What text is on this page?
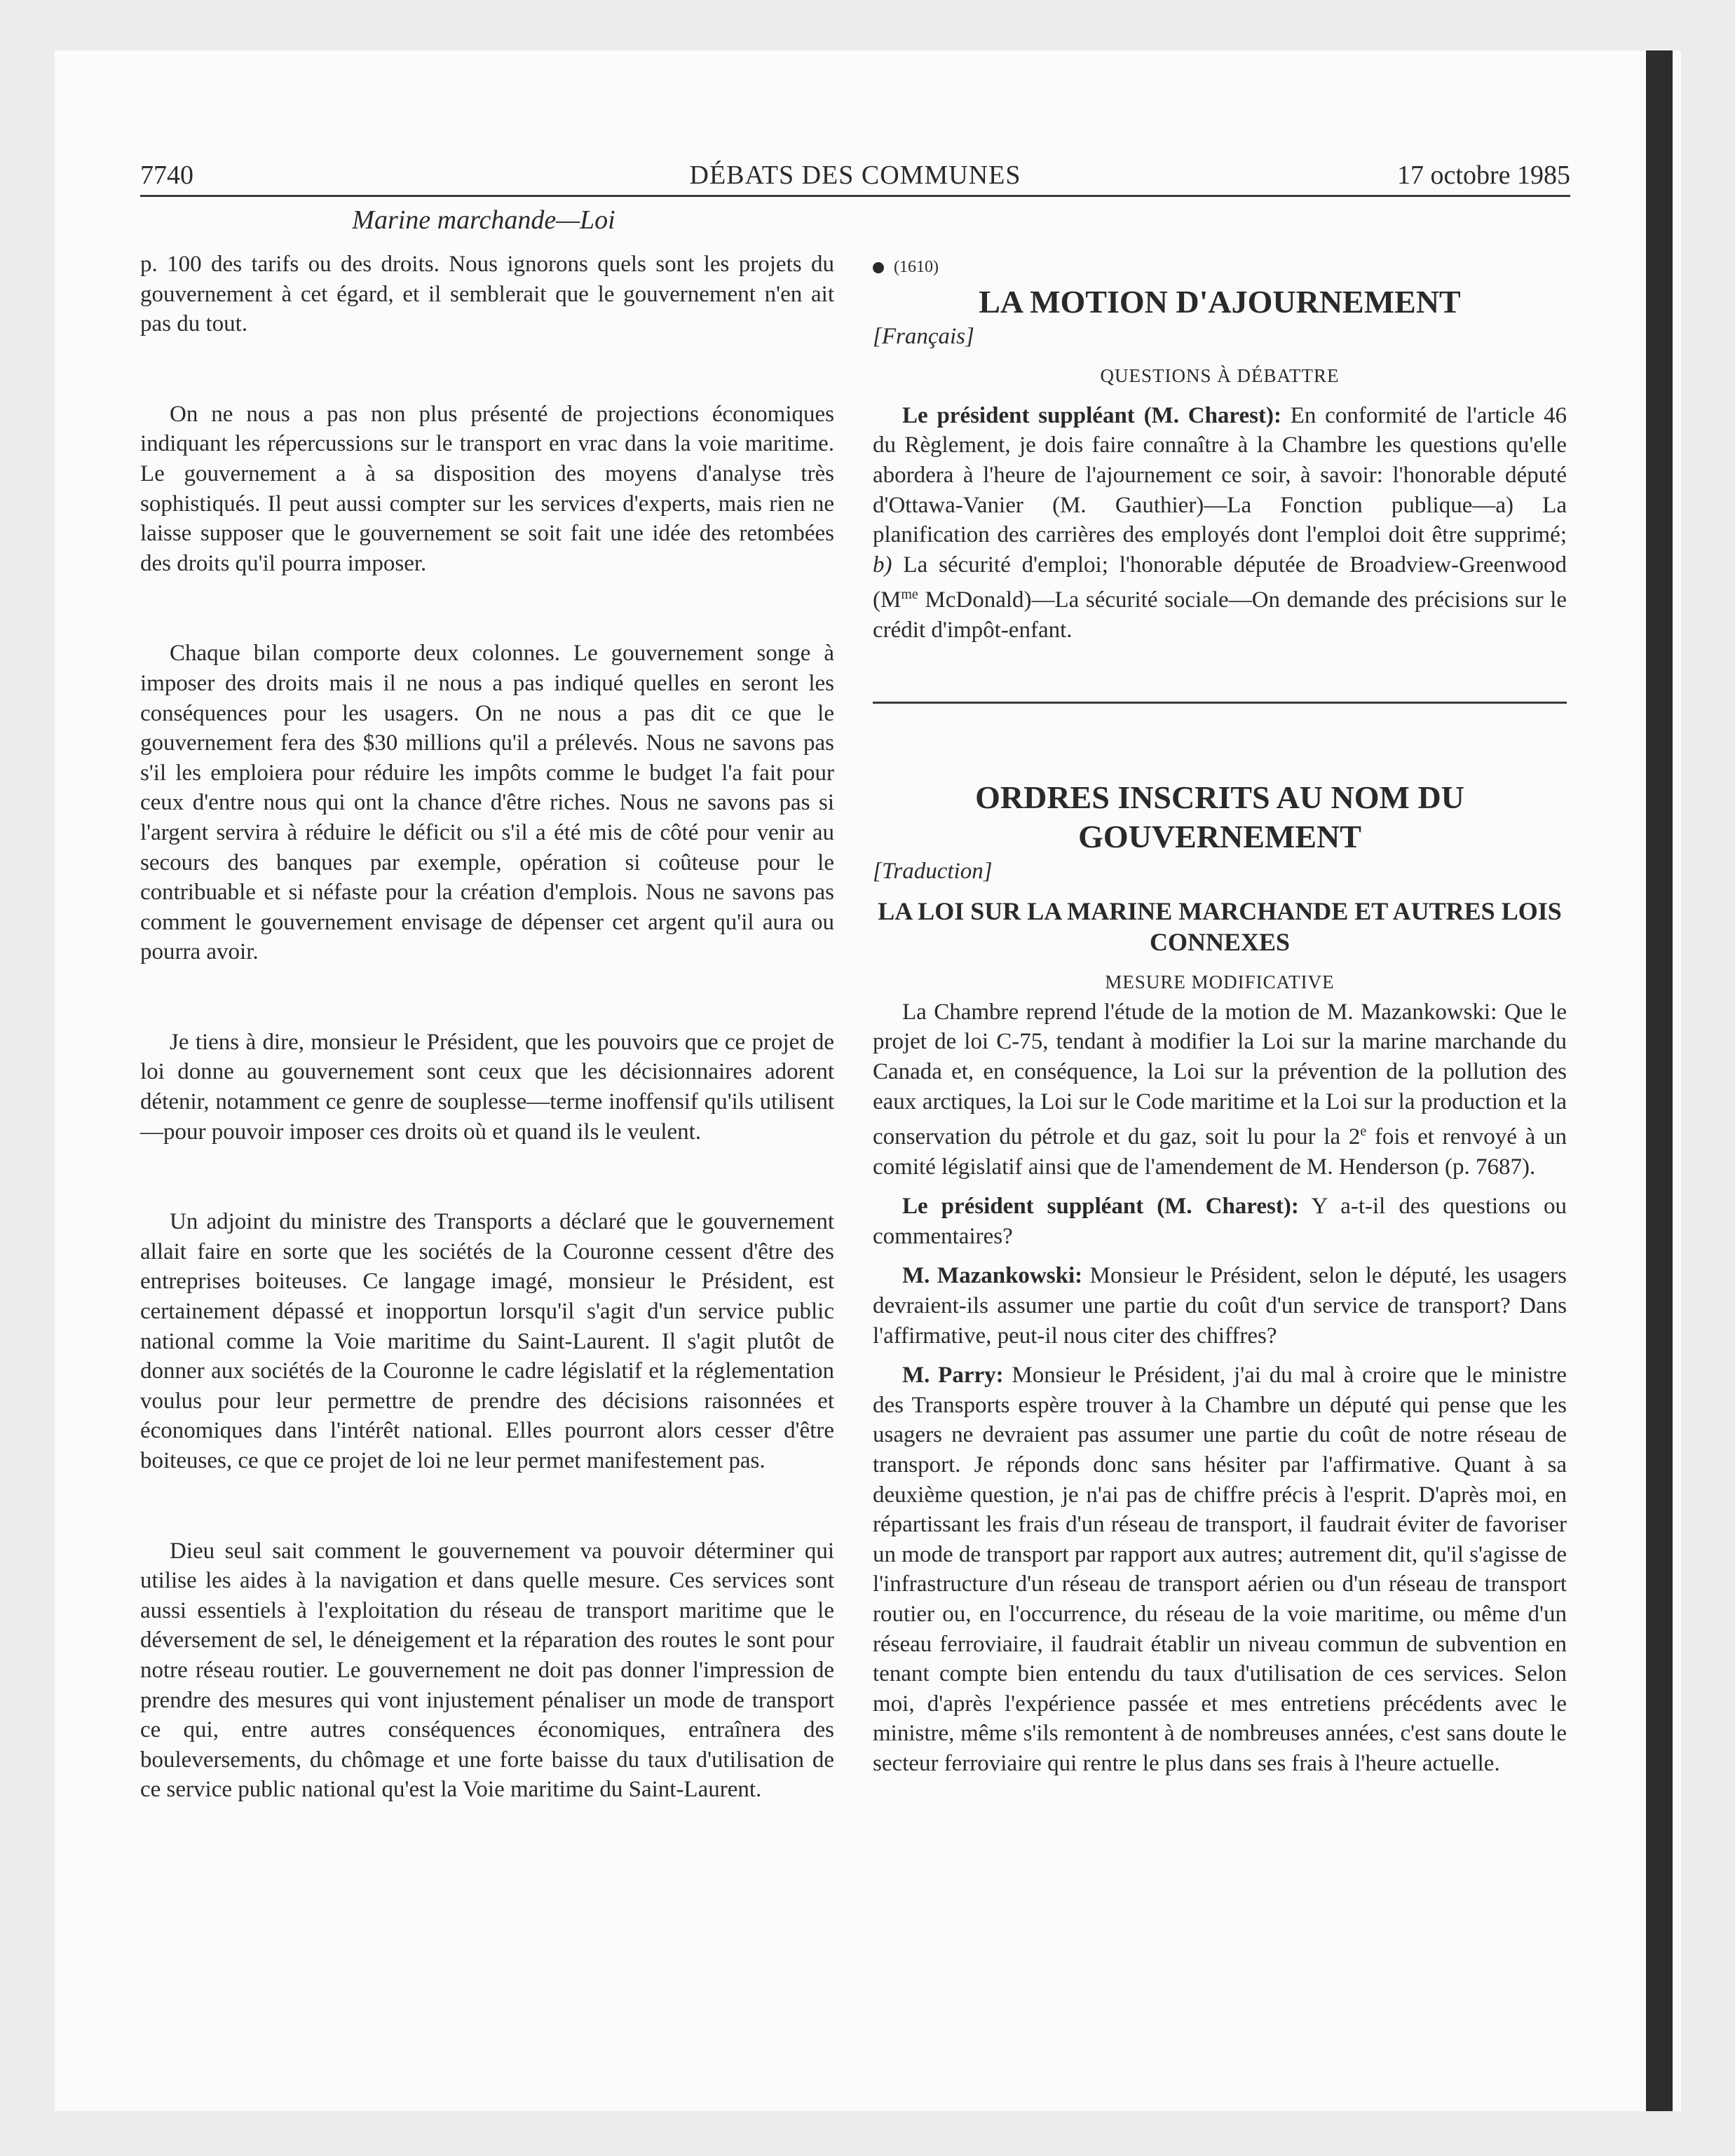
7740	DÉBATS DES COMMUNES	17 octobre 1985
Marine marchande—Loi

p. 100 des tarifs ou des droits. Nous ignorons quels sont les projets du gouvernement à cet égard, et il semblerait que le gouvernement n'en ait pas du tout.

On ne nous a pas non plus présenté de projections économiques indiquant les répercussions sur le transport en vrac dans la voie maritime. Le gouvernement a à sa disposition des moyens d'analyse très sophistiqués. Il peut aussi compter sur les services d'experts, mais rien ne laisse supposer que le gouvernement se soit fait une idée des retombées des droits qu'il pourra imposer.

Chaque bilan comporte deux colonnes. Le gouvernement songe à imposer des droits mais il ne nous a pas indiqué quelles en seront les conséquences pour les usagers. On ne nous a pas dit ce que le gouvernement fera des $30 millions qu'il a prélevés. Nous ne savons pas s'il les emploiera pour réduire les impôts comme le budget l'a fait pour ceux d'entre nous qui ont la chance d'être riches. Nous ne savons pas si l'argent servira à réduire le déficit ou s'il a été mis de côté pour venir au secours des banques par exemple, opération si coûteuse pour le contribuable et si néfaste pour la création d'emplois. Nous ne savons pas comment le gouvernement envisage de dépenser cet argent qu'il aura ou pourra avoir.

Je tiens à dire, monsieur le Président, que les pouvoirs que ce projet de loi donne au gouvernement sont ceux que les décisionnaires adorent détenir, notamment ce genre de souplesse—terme inoffensif qu'ils utilisent—pour pouvoir imposer ces droits où et quand ils le veulent.

Un adjoint du ministre des Transports a déclaré que le gouvernement allait faire en sorte que les sociétés de la Couronne cessent d'être des entreprises boiteuses. Ce langage imagé, monsieur le Président, est certainement dépassé et inopportun lorsqu'il s'agit d'un service public national comme la Voie maritime du Saint-Laurent. Il s'agit plutôt de donner aux sociétés de la Couronne le cadre législatif et la réglementation voulus pour leur permettre de prendre des décisions raisonnées et économiques dans l'intérêt national. Elles pourront alors cesser d'être boiteuses, ce que ce projet de loi ne leur permet manifestement pas.

Dieu seul sait comment le gouvernement va pouvoir déterminer qui utilise les aides à la navigation et dans quelle mesure. Ces services sont aussi essentiels à l'exploitation du réseau de transport maritime que le déversement de sel, le déneigement et la réparation des routes le sont pour notre réseau routier. Le gouvernement ne doit pas donner l'impression de prendre des mesures qui vont injustement pénaliser un mode de transport ce qui, entre autres conséquences économiques, entraînera des bouleversements, du chômage et une forte baisse du taux d'utilisation de ce service public national qu'est la Voie maritime du Saint-Laurent.

(1610)

LA MOTION D'AJOURNEMENT

[Français]

QUESTIONS À DÉBATTRE

Le président suppléant (M. Charest): En conformité de l'article 46 du Règlement, je dois faire connaître à la Chambre les questions qu'elle abordera à l'heure de l'ajournement ce soir, à savoir: l'honorable député d'Ottawa-Vanier (M. Gauthier)—La Fonction publique—a) La planification des carrières des employés dont l'emploi doit être supprimé; b) La sécurité d'emploi; l'honorable députée de Broadview-Greenwood ($M^{me}$ McDonald)—La sécurité sociale—On demande des précisions sur le crédit d'impôt-enfant.

ORDRES INSCRITS AU NOM DU GOUVERNEMENT

[Traduction]

LA LOI SUR LA MARINE MARCHANDE ET AUTRES LOIS CONNEXES

MESURE MODIFICATIVE

La Chambre reprend l'étude de la motion de M. Mazankowski: Que le projet de loi C-75, tendant à modifier la Loi sur la marine marchande du Canada et, en conséquence, la Loi sur la prévention de la pollution des eaux arctiques, la Loi sur le Code maritime et la Loi sur la production et la conservation du pétrole et du gaz, soit lu pour la 2e fois et renvoyé à un comité législatif ainsi que de l'amendement de M. Henderson (p. 7687).

Le président suppléant (M. Charest): Y a-t-il des questions ou commentaires?

M. Mazankowski: Monsieur le Président, selon le député, les usagers devraient-ils assumer une partie du coût d'un service de transport? Dans l'affirmative, peut-il nous citer des chiffres?

M. Parry: Monsieur le Président, j'ai du mal à croire que le ministre des Transports espère trouver à la Chambre un député qui pense que les usagers ne devraient pas assumer une partie du coût de notre réseau de transport. Je réponds donc sans hésiter par l'affirmative. Quant à sa deuxième question, je n'ai pas de chiffre précis à l'esprit. D'après moi, en répartissant les frais d'un réseau de transport, il faudrait éviter de favoriser un mode de transport par rapport aux autres; autrement dit, qu'il s'agisse de l'infrastructure d'un réseau de transport aérien ou d'un réseau de transport routier ou, en l'occurrence, du réseau de la voie maritime, ou même d'un réseau ferroviaire, il faudrait établir un niveau commun de subvention en tenant compte bien entendu du taux d'utilisation de ces services. Selon moi, d'après l'expérience passée et mes entretiens précédents avec le ministre, même s'ils remontent à de nombreuses années, c'est sans doute le secteur ferroviaire qui rentre le plus dans ses frais à l'heure actuelle.
